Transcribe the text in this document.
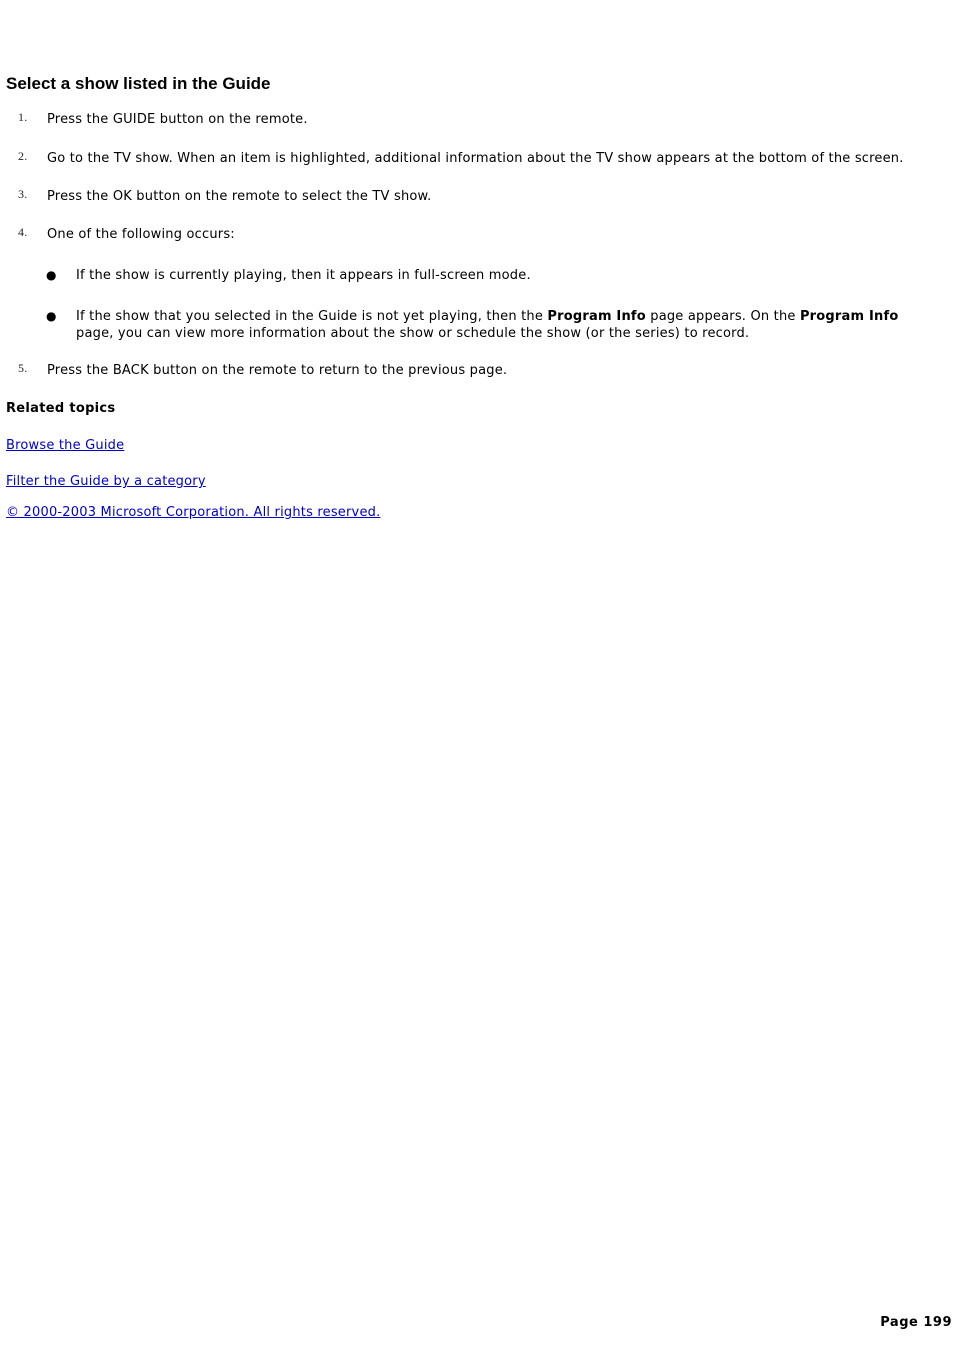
Select a show listed in the Guide
1. Press the GUIDE button on the remote.
2. Go to the TV show. When an item is highlighted, additional information about the TV show appears at the bottom of the screen.
3. Press the OK button on the remote to select the TV show.
4. One of the following occurs:
● If the show is currently playing, then it appears in full-screen mode.
● If the show that you selected in the Guide is not yet playing, then the Program Info page appears. On the Program Info page, you can view more information about the show or schedule the show (or the series) to record.
5. Press the BACK button on the remote to return to the previous page.
Related topics
Browse the Guide
Filter the Guide by a category
© 2000-2003 Microsoft Corporation. All rights reserved.
Page 199
